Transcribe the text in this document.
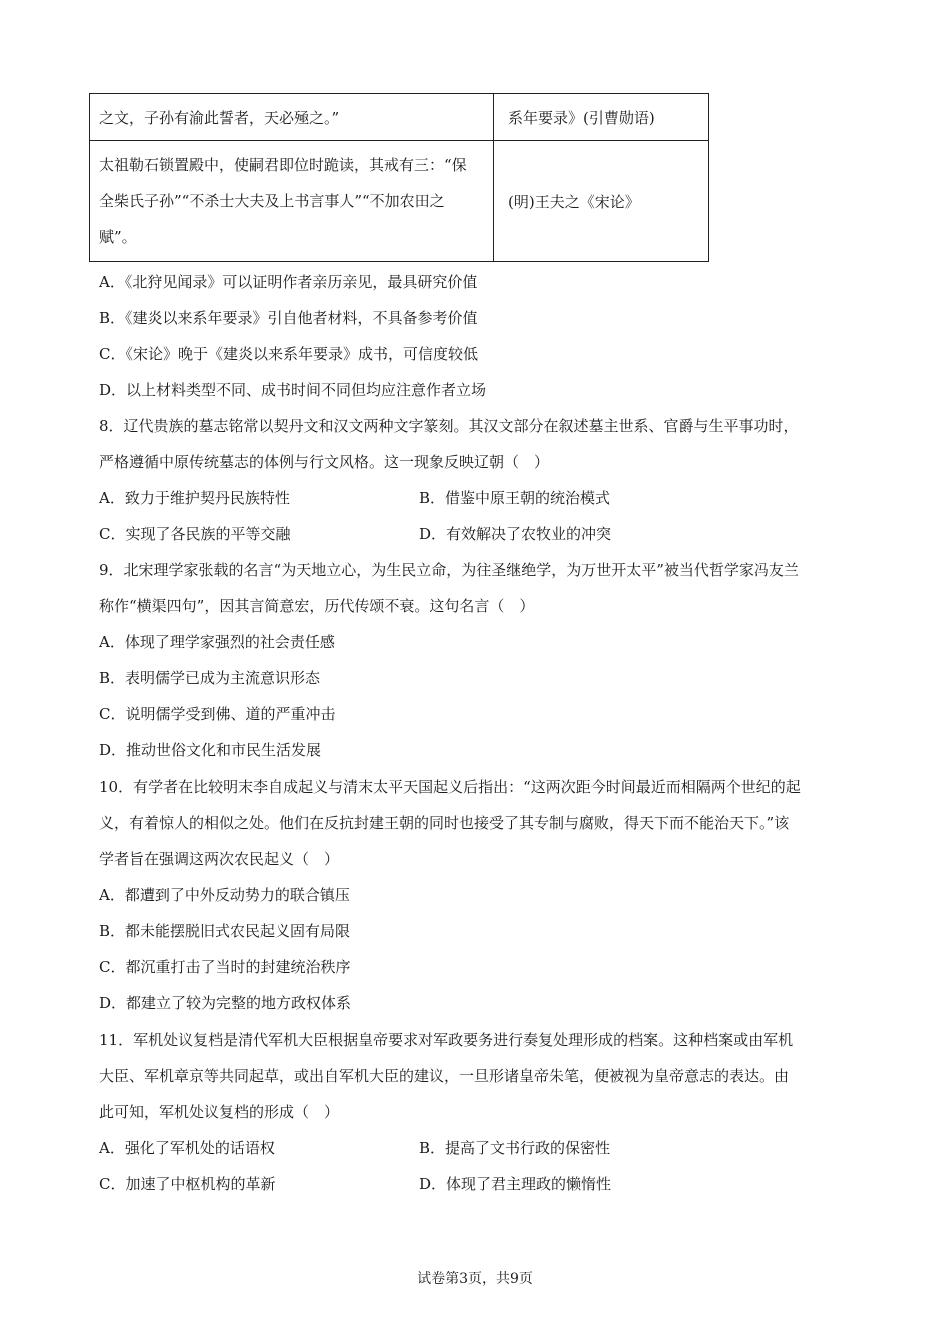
之文，子孙有渝此誓者，天必殛之。”	系年要录》(引曹勋语)
太祖勒石锁置殿中，使嗣君即位时跪读，其戒有三：“保
全柴氏子孙”“不杀士大夫及上书言事人”“不加农田之
赋”。	(明)王夫之《宋论》
A．《北狩见闻录》可以证明作者亲历亲见，最具研究价值
B．《建炎以来系年要录》引自他者材料，不具备参考价值
C．《宋论》晚于《建炎以来系年要录》成书，可信度较低
D．以上材料类型不同、成书时间不同但均应注意作者立场
8．辽代贵族的墓志铭常以契丹文和汉文两种文字篆刻。其汉文部分在叙述墓主世系、官爵与生平事功时，
严格遵循中原传统墓志的体例与行文风格。这一现象反映辽朝（　）
A．致力于维护契丹民族特性	B．借鉴中原王朝的统治模式
C．实现了各民族的平等交融	D．有效解决了农牧业的冲突
9．北宋理学家张载的名言“为天地立心，为生民立命，为往圣继绝学，为万世开太平”被当代哲学家冯友兰
称作“横渠四句”，因其言简意宏，历代传颂不衰。这句名言（　）
A．体现了理学家强烈的社会责任感
B．表明儒学已成为主流意识形态
C．说明儒学受到佛、道的严重冲击
D．推动世俗文化和市民生活发展
10．有学者在比较明末李自成起义与清末太平天国起义后指出：“这两次距今时间最近而相隔两个世纪的起
义，有着惊人的相似之处。他们在反抗封建王朝的同时也接受了其专制与腐败，得天下而不能治天下。”该
学者旨在强调这两次农民起义（　）
A．都遭到了中外反动势力的联合镇压
B．都未能摆脱旧式农民起义固有局限
C．都沉重打击了当时的封建统治秩序
D．都建立了较为完整的地方政权体系
11．军机处议复档是清代军机大臣根据皇帝要求对军政要务进行奏复处理形成的档案。这种档案或由军机
大臣、军机章京等共同起草，或出自军机大臣的建议，一旦形诸皇帝朱笔，便被视为皇帝意志的表达。由
此可知，军机处议复档的形成（　）
A．强化了军机处的话语权	B．提高了文书行政的保密性
C．加速了中枢机构的革新	D．体现了君主理政的懒惰性
试卷第3页，共9页
